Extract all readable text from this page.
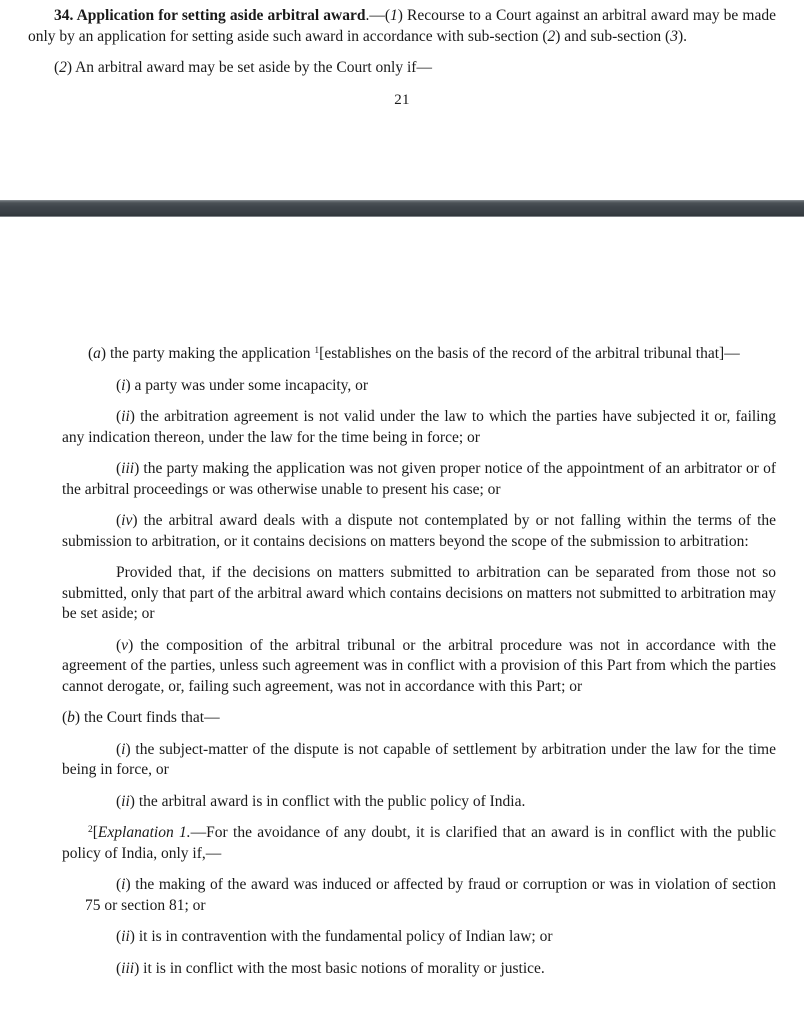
34. Application for setting aside arbitral award.—(1) Recourse to a Court against an arbitral award may be made only by an application for setting aside such award in accordance with sub-section (2) and sub-section (3).

(2) An arbitral award may be set aside by the Court only if—

21

(a) the party making the application $^1$[establishes on the basis of the record of the arbitral tribunal that]—

(i) a party was under some incapacity, or

(ii) the arbitration agreement is not valid under the law to which the parties have subjected it or, failing any indication thereon, under the law for the time being in force; or

(iii) the party making the application was not given proper notice of the appointment of an arbitrator or of the arbitral proceedings or was otherwise unable to present his case; or

(iv) the arbitral award deals with a dispute not contemplated by or not falling within the terms of the submission to arbitration, or it contains decisions on matters beyond the scope of the submission to arbitration:

Provided that, if the decisions on matters submitted to arbitration can be separated from those not so submitted, only that part of the arbitral award which contains decisions on matters not submitted to arbitration may be set aside; or

(v) the composition of the arbitral tribunal or the arbitral procedure was not in accordance with the agreement of the parties, unless such agreement was in conflict with a provision of this Part from which the parties cannot derogate, or, failing such agreement, was not in accordance with this Part; or

(b) the Court finds that—

(i) the subject-matter of the dispute is not capable of settlement by arbitration under the law for the time being in force, or

(ii) the arbitral award is in conflict with the public policy of India.

$^2$[Explanation 1.—For the avoidance of any doubt, it is clarified that an award is in conflict with the public policy of India, only if,—

(i) the making of the award was induced or affected by fraud or corruption or was in violation of section 75 or section 81; or

(ii) it is in contravention with the fundamental policy of Indian law; or

(iii) it is in conflict with the most basic notions of morality or justice.
